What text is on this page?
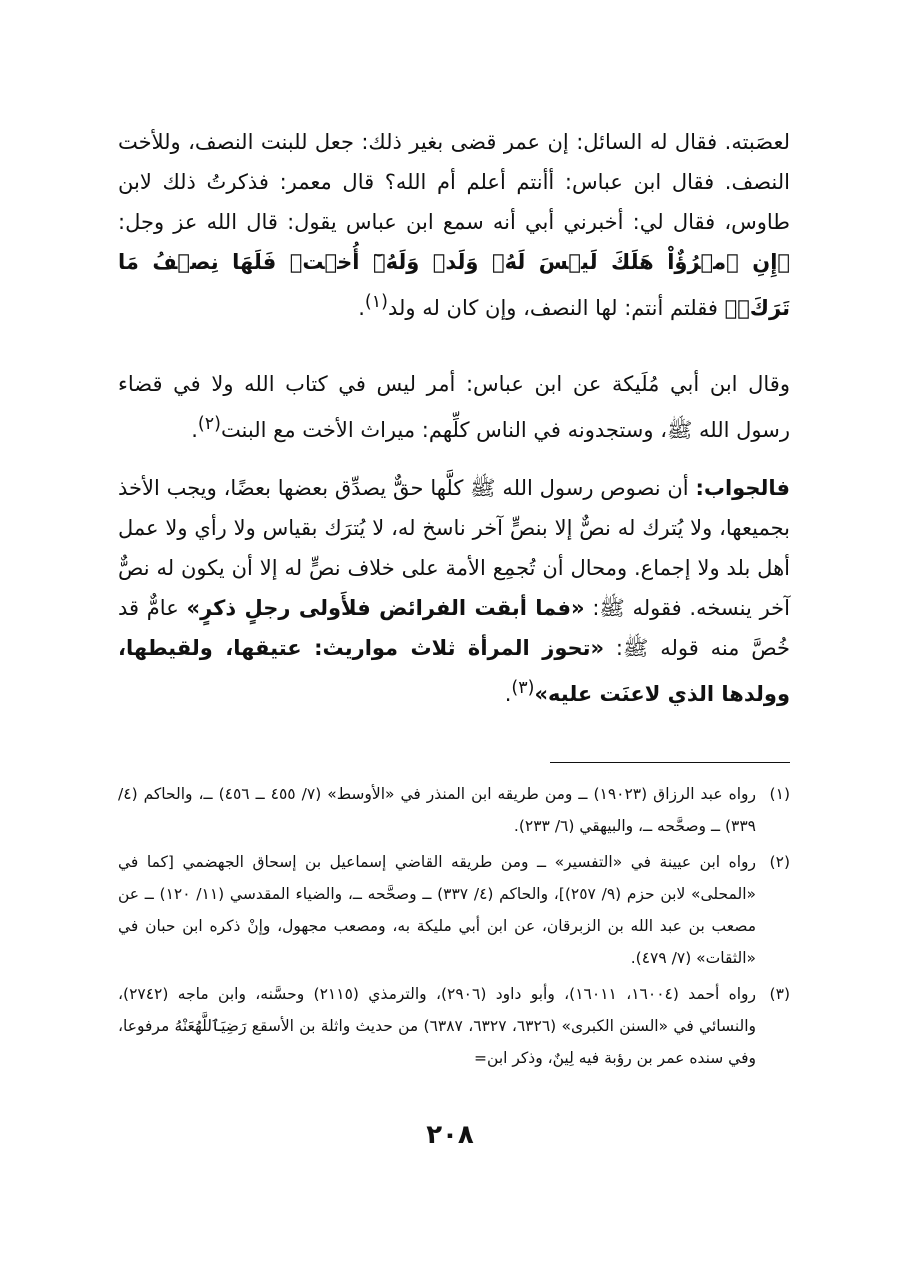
لعصَبته. فقال له السائل: إن عمر قضى بغير ذلك: جعل للبنت النصف، وللأخت النصف. فقال ابن عباس: أأنتم أعلم أم الله؟ قال معمر: فذكرتُ ذلك لابن طاوس، فقال لي: أخبرني أبي أنه سمع ابن عباس يقول: قال الله عز وجل: ﴿إِنِ ٱمۡرُؤٌاْ هَلَكَ لَيۡسَ لَهُۥ وَلَدٞ وَلَهُۥٓ أُخۡتٞ فَلَهَا نِصۡفُ مَا تَرَكَۚ﴾ فقلتم أنتم: لها النصف، وإن كان له ولد$^{(١)}$.

وقال ابن أبي مُلَيكة عن ابن عباس: أمر ليس في كتاب الله ولا في قضاء رسول الله ﷺ، وستجدونه في الناس كلِّهم: ميراث الأخت مع البنت$^{(٢)}$.

فالجواب: أن نصوص رسول الله ﷺ كلَّها حقٌّ يصدِّق بعضها بعضًا، ويجب الأخذ بجميعها، ولا يُترك له نصٌّ إلا بنصٍّ آخر ناسخ له، لا يُترَك بقياس ولا رأي ولا عمل أهل بلد ولا إجماع. ومحال أن تُجمِع الأمة على خلاف نصٍّ له إلا أن يكون له نصٌّ آخر ينسخه. فقوله ﷺ: «فما أبقت الفرائض فلأَولى رجلٍ ذكرٍ» عامٌّ قد خُصَّ منه قوله ﷺ: «تحوز المرأة ثلاث مواريث: عتيقها، ولقيطها، وولدها الذي لاعنَت عليه»$^{(٣)}$.

(١)
رواه عبد الرزاق (١٩٠٢٣) ــ ومن طريقه ابن المنذر في «الأوسط» (٧/ ٤٥٥ ــ ٤٥٦) ــ، والحاكم (٤/ ٣٣٩) ــ وصحَّحه ــ، والبيهقي (٦/ ٢٣٣).
(٢)
رواه ابن عيينة في «التفسير» ــ ومن طريقه القاضي إسماعيل بن إسحاق الجهضمي [كما في «المحلى» لابن حزم (٩/ ٢٥٧)]، والحاكم (٤/ ٣٣٧) ــ وصحَّحه ــ، والضياء المقدسي (١١/ ١٢٠) ــ عن مصعب بن عبد الله بن الزبرقان، عن ابن أبي مليكة به، ومصعب مجهول، وإنْ ذكره ابن حبان في «الثقات» (٧/ ٤٧٩).
(٣)
رواه أحمد (١٦٠٠٤، ١٦٠١١)، وأبو داود (٢٩٠٦)، والترمذي (٢١١٥) وحسَّنه، وابن ماجه (٢٧٤٢)، والنسائي في «السنن الكبرى» (٦٣٢٦، ٦٣٢٧، ٦٣٨٧) من حديث واثلة بن الأسقع رَضِيَٱللَّهُعَنْهُ مرفوعا، وفي سنده عمر بن رؤبة فيه لِينٌ، وذكر ابن=
٢٠٨
